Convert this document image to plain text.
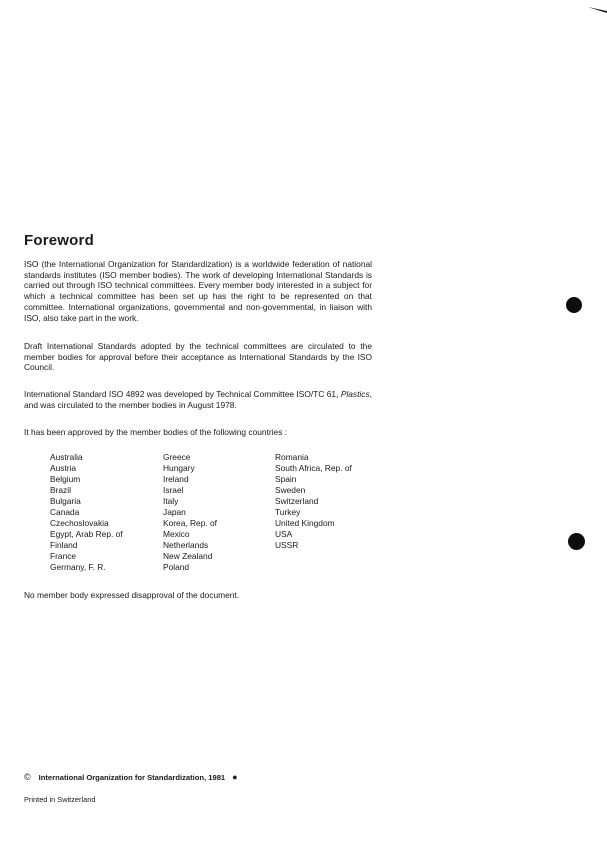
Foreword

ISO (the International Organization for Standardization) is a worldwide federation of national standards institutes (ISO member bodies). The work of developing International Standards is carried out through ISO technical committees. Every member body interested in a subject for which a technical committee has been set up has the right to be represented on that committee. International organizations, governmental and non-governmental, in liaison with ISO, also take part in the work.

Draft International Standards adopted by the technical committees are circulated to the member bodies for approval before their acceptance as International Standards by the ISO Council.

International Standard ISO 4892 was developed by Technical Committee ISO/TC 61, Plastics, and was circulated to the member bodies in August 1978.

It has been approved by the member bodies of the following countries :

Australia
Austria
Belgium
Brazil
Bulgaria
Canada
Czechoslovakia
Egypt, Arab Rep. of
Finland
France
Germany, F. R.
Greece
Hungary
Ireland
Israel
Italy
Japan
Korea, Rep. of
Mexico
Netherlands
New Zealand
Poland
Romania
South Africa, Rep. of
Spain
Sweden
Switzerland
Turkey
United Kingdom
USA
USSR

No member body expressed disapproval of the document.

© International Organization for Standardization, 1981 ●
Printed in Switzerland
